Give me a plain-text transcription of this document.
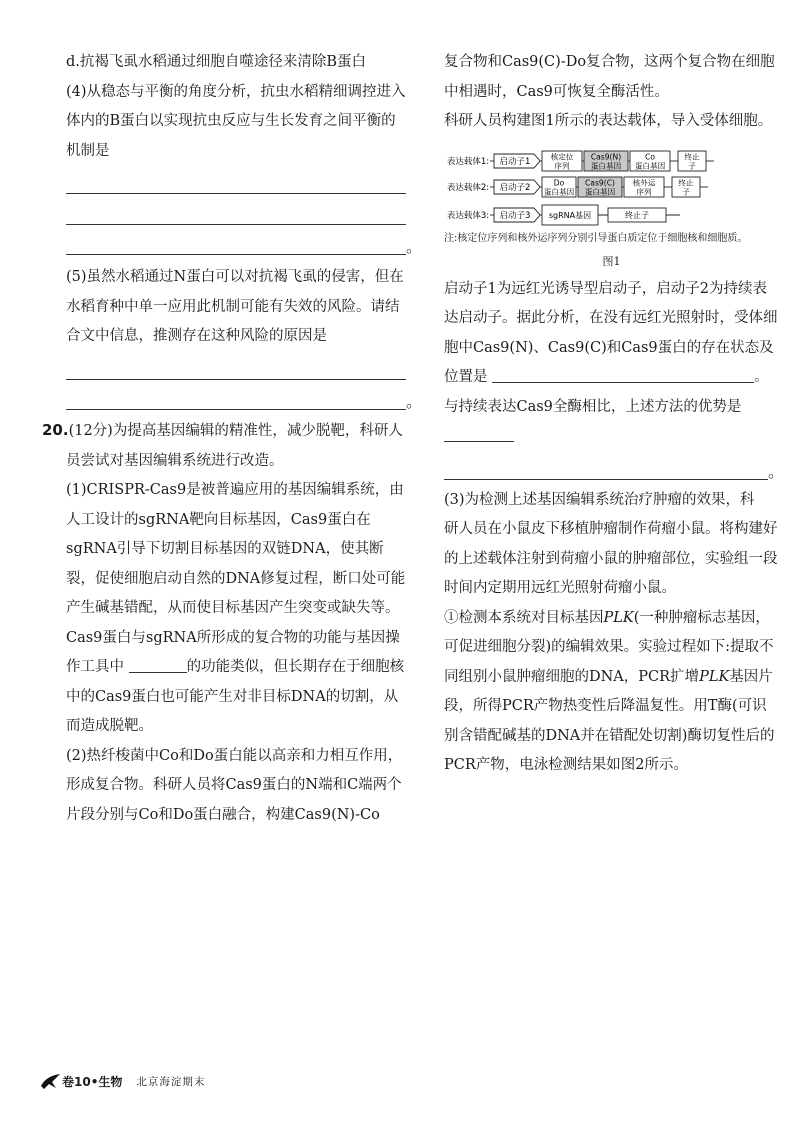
d.抗褐飞虱水稻通过细胞自噬途径来清除B蛋白

(4)从稳态与平衡的角度分析，抗虫水稻精细调控进入体内的B蛋白以实现抗虫反应与生长发育之间平衡的机制是

。

(5)虽然水稻通过N蛋白可以对抗褐飞虱的侵害，但在水稻育种中单一应用此机制可能有失效的风险。请结合文中信息，推测存在这种风险的原因是

。

20.(12分)为提高基因编辑的精准性，减少脱靶，科研人员尝试对基因编辑系统进行改造。

(1)CRISPR-Cas9是被普遍应用的基因编辑系统，由人工设计的sgRNA靶向目标基因，Cas9蛋白在sgRNA引导下切割目标基因的双链DNA，使其断裂，促使细胞启动自然的DNA修复过程，断口处可能产生碱基错配，从而使目标基因产生突变或缺失等。Cas9蛋白与sgRNA所形成的复合物的功能与基因操作工具中	的功能类似，但长期存在于细胞核中的Cas9蛋白也可能产生对非目标DNA的切割，从而造成脱靶。

(2)热纤梭菌中Co和Do蛋白能以高亲和力相互作用，形成复合物。科研人员将Cas9蛋白的N端和C端两个片段分别与Co和Do蛋白融合，构建Cas9(N)-Co

复合物和Cas9(C)-Do复合物，这两个复合物在细胞中相遇时，Cas9可恢复全酶活性。

科研人员构建图1所示的表达载体，导入受体细胞。

表达载体1: 启动子1	核定位
序列
Cas9(N)
蛋白基因
Co
蛋白基因
终止
子
表达载体2: 启动子2	Do
蛋白基因
Cas9(C)
蛋白基因
核外运
序列
终止
子
表达载体3: 启动子3 sgRNA基因	终止子
注:核定位序列和核外运序列分别引导蛋白质定位于细胞核和细胞质。
图1

启动子1为远红光诱导型启动子，启动子2为持续表达启动子。据此分析，在没有远红光照射时，受体细胞中Cas9(N)、Cas9(C)和Cas9蛋白的存在状态及位置是	。与持续表达Cas9全酶相比，上述方法的优势是

。

(3)为检测上述基因编辑系统治疗肿瘤的效果，科研人员在小鼠皮下移植肿瘤制作荷瘤小鼠。将构建好的上述载体注射到荷瘤小鼠的肿瘤部位，实验组一段时间内定期用远红光照射荷瘤小鼠。

①检测本系统对目标基因PLK(一种肿瘤标志基因，可促进细胞分裂)的编辑效果。实验过程如下:提取不同组别小鼠肿瘤细胞的DNA，PCR扩增PLK基因片段，所得PCR产物热变性后降温复性。用T酶(可识别含错配碱基的DNA并在错配处切割)酶切复性后的PCR产物，电泳检测结果如图2所示。

卷10•生物 北京海淀期末
